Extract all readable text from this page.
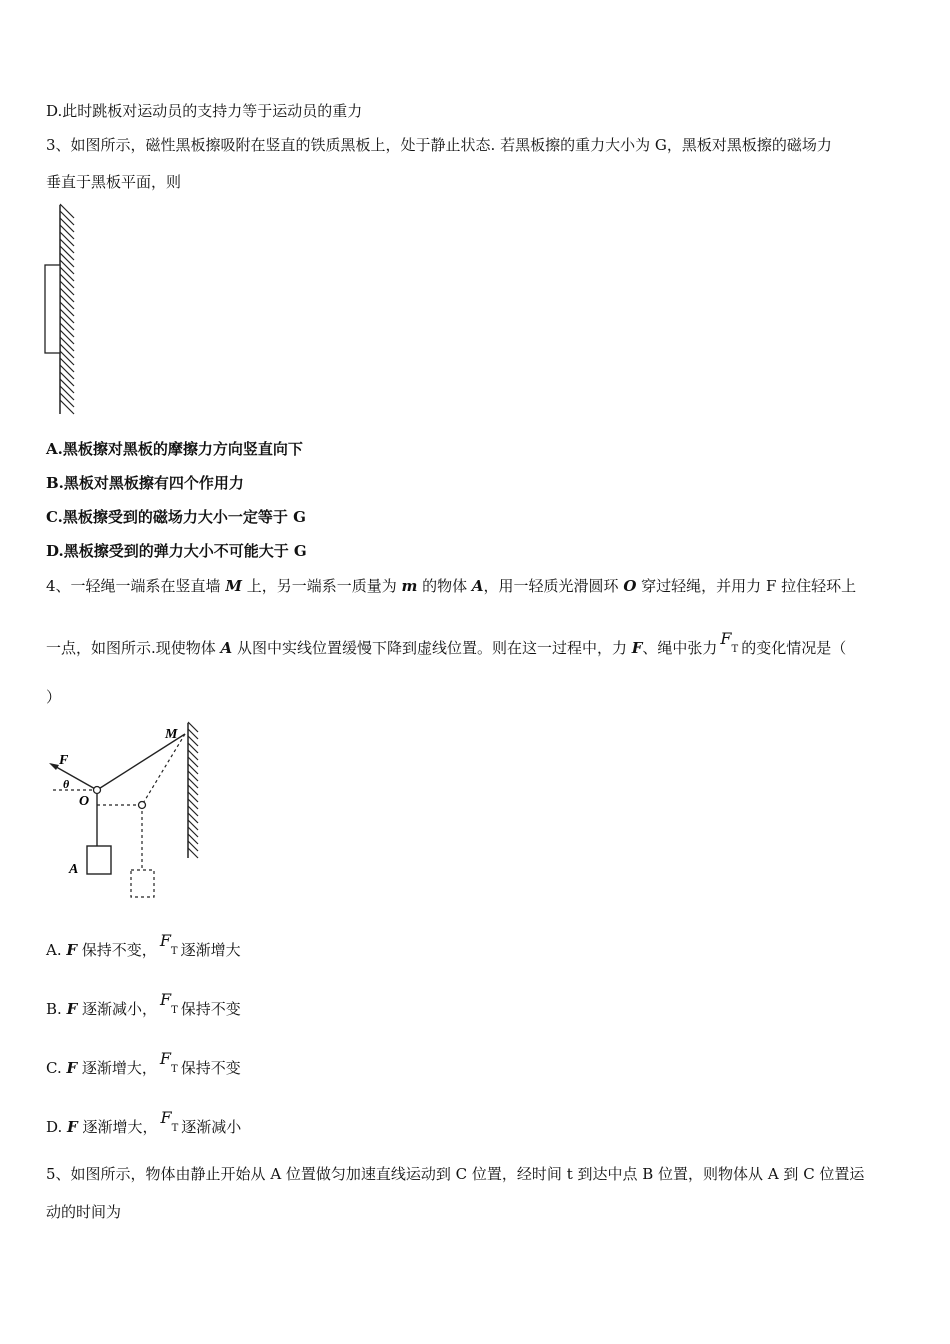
D.此时跳板对运动员的支持力等于运动员的重力
3、如图所示，磁性黑板擦吸附在竖直的铁质黑板上，处于静止状态. 若黑板擦的重力大小为 G，黑板对黑板擦的磁场力
垂直于黑板平面，则
A.黑板擦对黑板的摩擦力方向竖直向下
B.黑板对黑板擦有四个作用力
C.黑板擦受到的磁场力大小一定等于 G
D.黑板擦受到的弹力大小不可能大于 G
4、一轻绳一端系在竖直墙 M 上，另一端系一质量为 m 的物体 A，用一轻质光滑圆环 O 穿过轻绳，并用力 F 拉住轻环上
一点，如图所示.现使物体 A 从图中实线位置缓慢下降到虚线位置。则在这一过程中，力 F、绳中张力 $F_T$ 的变化情况是（
）
M
F
θ
O
A
A. F 保持不变， $F_T$ 逐渐增大
B. F 逐渐减小， $F_T$ 保持不变
C. F 逐渐增大， $F_T$ 保持不变
D. F 逐渐增大， $F_T$ 逐渐减小
5、如图所示，物体由静止开始从 A 位置做匀加速直线运动到 C 位置，经时间 t 到达中点 B 位置，则物体从 A 到 C 位置运
动的时间为
